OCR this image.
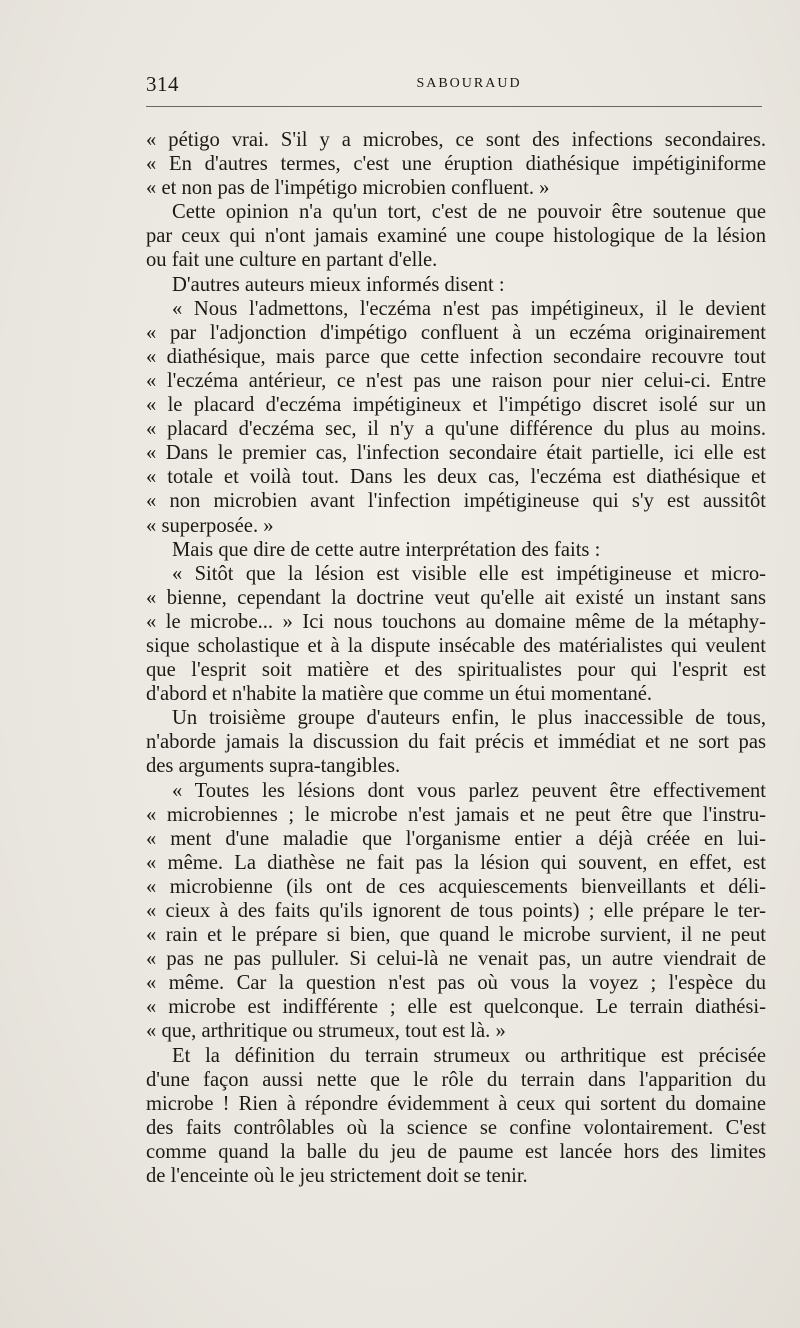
314	SABOURAUD
« pétigo vrai. S'il y a microbes, ce sont des infections secondaires.
« En d'autres termes, c'est une éruption diathésique impétiginiforme
« et non pas de l'impétigo microbien confluent. »
Cette opinion n'a qu'un tort, c'est de ne pouvoir être soutenue que
par ceux qui n'ont jamais examiné une coupe histologique de la lésion
ou fait une culture en partant d'elle.
D'autres auteurs mieux informés disent :
« Nous l'admettons, l'eczéma n'est pas impétigineux, il le devient
« par l'adjonction d'impétigo confluent à un eczéma originairement
« diathésique, mais parce que cette infection secondaire recouvre tout
« l'eczéma antérieur, ce n'est pas une raison pour nier celui-ci. Entre
« le placard d'eczéma impétigineux et l'impétigo discret isolé sur un
« placard d'eczéma sec, il n'y a qu'une différence du plus au moins.
« Dans le premier cas, l'infection secondaire était partielle, ici elle est
« totale et voilà tout. Dans les deux cas, l'eczéma est diathésique et
« non microbien avant l'infection impétigineuse qui s'y est aussitôt
« superposée. »
Mais que dire de cette autre interprétation des faits :
« Sitôt que la lésion est visible elle est impétigineuse et micro-
« bienne, cependant la doctrine veut qu'elle ait existé un instant sans
« le microbe... » Ici nous touchons au domaine même de la métaphy-
sique scholastique et à la dispute insécable des matérialistes qui veulent
que l'esprit soit matière et des spiritualistes pour qui l'esprit est
d'abord et n'habite la matière que comme un étui momentané.
Un troisième groupe d'auteurs enfin, le plus inaccessible de tous,
n'aborde jamais la discussion du fait précis et immédiat et ne sort pas
des arguments supra-tangibles.
« Toutes les lésions dont vous parlez peuvent être effectivement
« microbiennes ; le microbe n'est jamais et ne peut être que l'instru-
« ment d'une maladie que l'organisme entier a déjà créée en lui-
« même. La diathèse ne fait pas la lésion qui souvent, en effet, est
« microbienne (ils ont de ces acquiescements bienveillants et déli-
« cieux à des faits qu'ils ignorent de tous points) ; elle prépare le ter-
« rain et le prépare si bien, que quand le microbe survient, il ne peut
« pas ne pas pulluler. Si celui-là ne venait pas, un autre viendrait de
« même. Car la question n'est pas où vous la voyez ; l'espèce du
« microbe est indifférente ; elle est quelconque. Le terrain diathési-
« que, arthritique ou strumeux, tout est là. »
Et la définition du terrain strumeux ou arthritique est précisée
d'une façon aussi nette que le rôle du terrain dans l'apparition du
microbe ! Rien à répondre évidemment à ceux qui sortent du domaine
des faits contrôlables où la science se confine volontairement. C'est
comme quand la balle du jeu de paume est lancée hors des limites
de l'enceinte où le jeu strictement doit se tenir.
